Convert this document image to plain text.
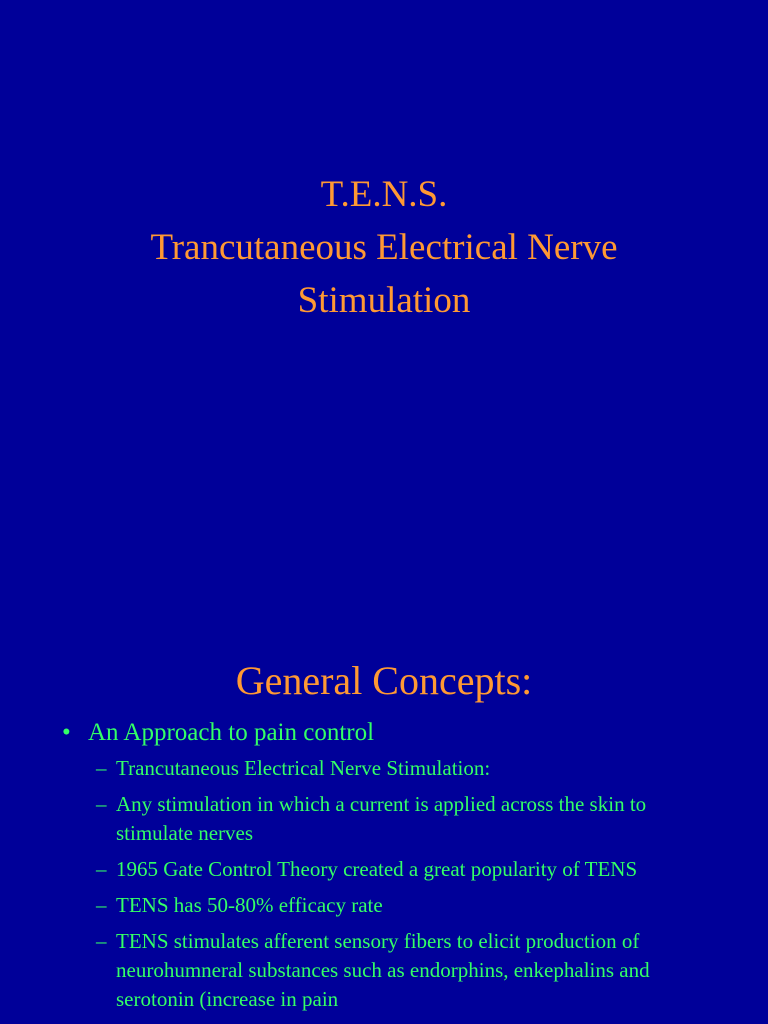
T.E.N.S.
Trancutaneous Electrical Nerve
Stimulation
General Concepts:
• An Approach to pain control
– Trancutaneous Electrical Nerve Stimulation:
– Any stimulation in which a current is applied across the skin to stimulate nerves
– 1965 Gate Control Theory created a great popularity of TENS
– TENS has 50-80% efficacy rate
– TENS stimulates afferent sensory fibers to elicit production of neurohumneral substances such as endorphins, enkephalins and serotonin (increase in pain
